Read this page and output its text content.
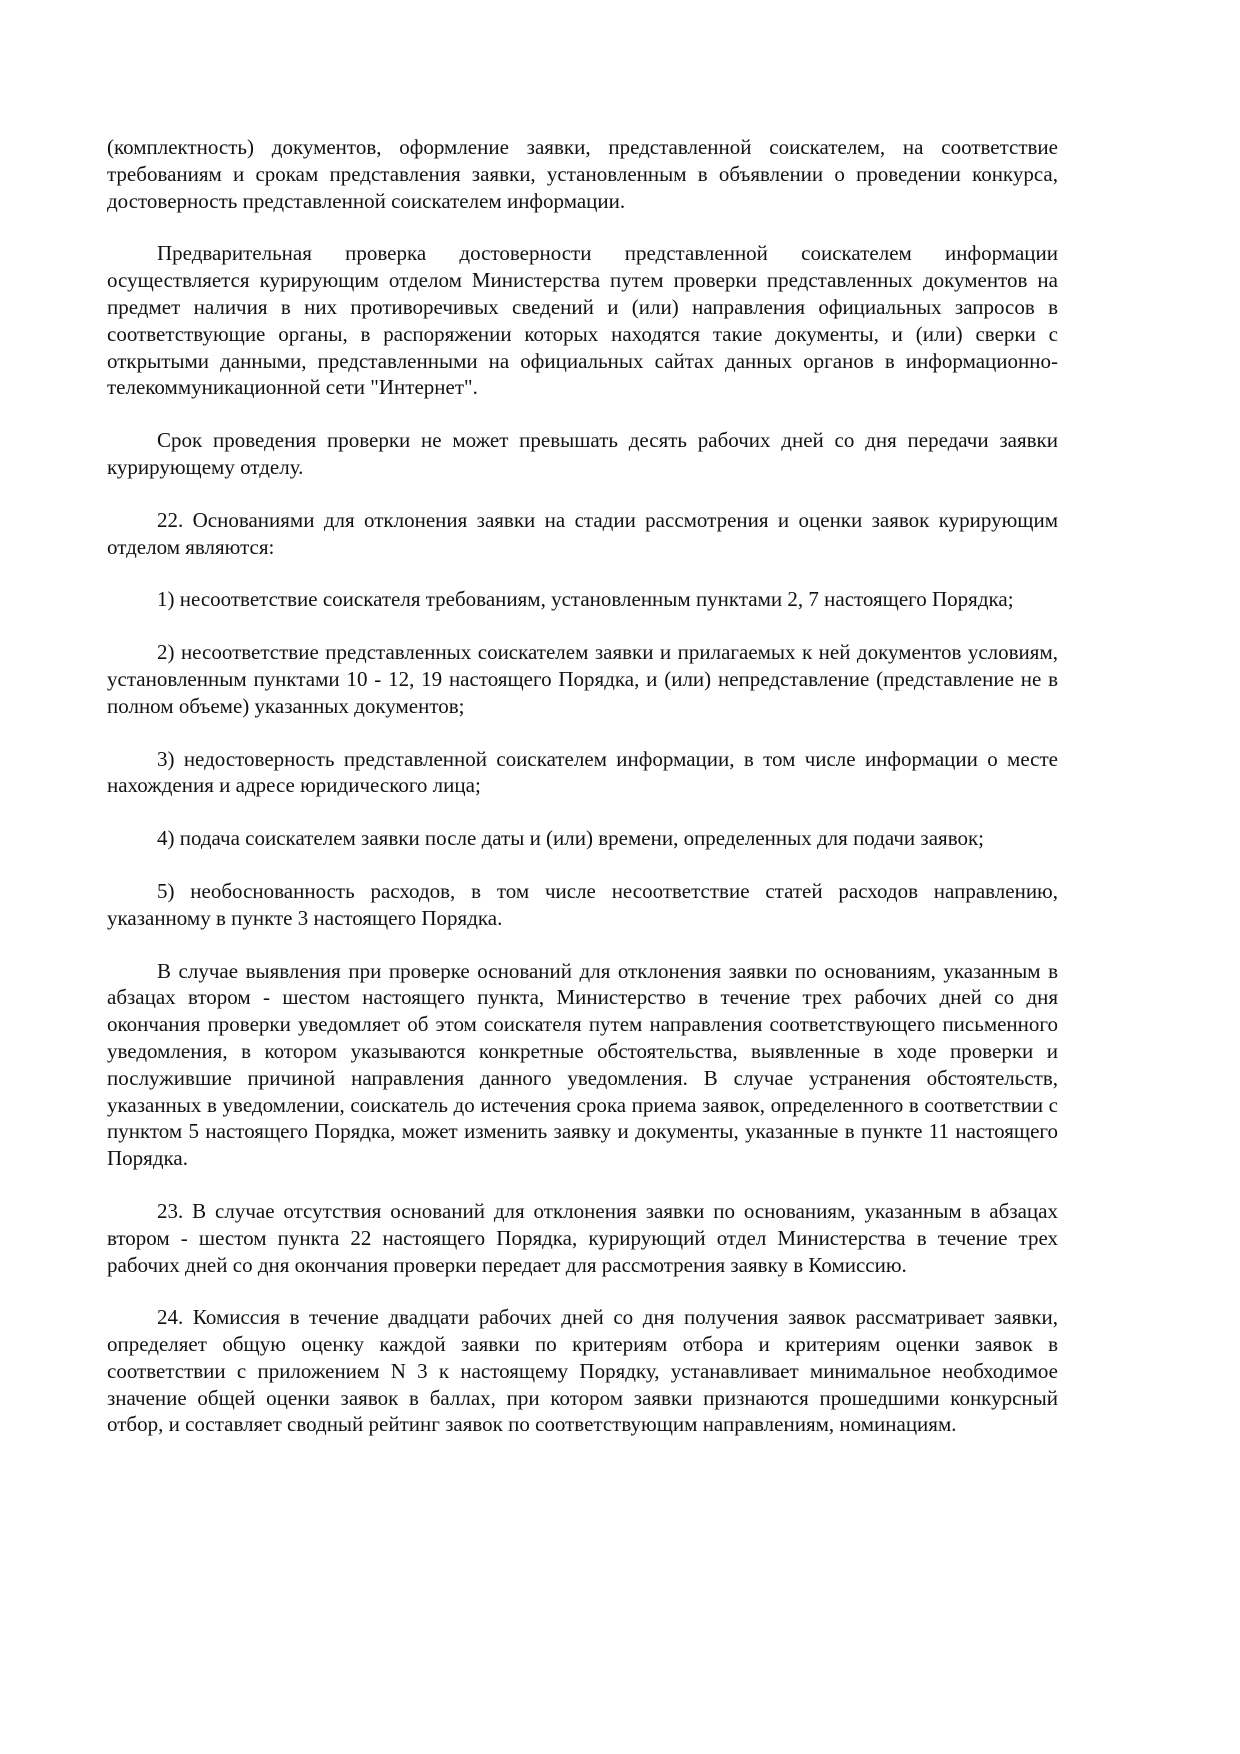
(комплектность) документов, оформление заявки, представленной соискателем, на соответствие требованиям и срокам представления заявки, установленным в объявлении о проведении конкурса, достоверность представленной соискателем информации.

Предварительная проверка достоверности представленной соискателем информации осуществляется курирующим отделом Министерства путем проверки представленных документов на предмет наличия в них противоречивых сведений и (или) направления официальных запросов в соответствующие органы, в распоряжении которых находятся такие документы, и (или) сверки с открытыми данными, представленными на официальных сайтах данных органов в информационно-телекоммуникационной сети "Интернет".

Срок проведения проверки не может превышать десять рабочих дней со дня передачи заявки курирующему отделу.

22. Основаниями для отклонения заявки на стадии рассмотрения и оценки заявок курирующим отделом являются:

1) несоответствие соискателя требованиям, установленным пунктами 2, 7 настоящего Порядка;

2) несоответствие представленных соискателем заявки и прилагаемых к ней документов условиям, установленным пунктами 10 - 12, 19 настоящего Порядка, и (или) непредставление (представление не в полном объеме) указанных документов;

3) недостоверность представленной соискателем информации, в том числе информации о месте нахождения и адресе юридического лица;

4) подача соискателем заявки после даты и (или) времени, определенных для подачи заявок;

5) необоснованность расходов, в том числе несоответствие статей расходов направлению, указанному в пункте 3 настоящего Порядка.

В случае выявления при проверке оснований для отклонения заявки по основаниям, указанным в абзацах втором - шестом настоящего пункта, Министерство в течение трех рабочих дней со дня окончания проверки уведомляет об этом соискателя путем направления соответствующего письменного уведомления, в котором указываются конкретные обстоятельства, выявленные в ходе проверки и послужившие причиной направления данного уведомления. В случае устранения обстоятельств, указанных в уведомлении, соискатель до истечения срока приема заявок, определенного в соответствии с пунктом 5 настоящего Порядка, может изменить заявку и документы, указанные в пункте 11 настоящего Порядка.

23. В случае отсутствия оснований для отклонения заявки по основаниям, указанным в абзацах втором - шестом пункта 22 настоящего Порядка, курирующий отдел Министерства в течение трех рабочих дней со дня окончания проверки передает для рассмотрения заявку в Комиссию.

24. Комиссия в течение двадцати рабочих дней со дня получения заявок рассматривает заявки, определяет общую оценку каждой заявки по критериям отбора и критериям оценки заявок в соответствии с приложением N 3 к настоящему Порядку, устанавливает минимальное необходимое значение общей оценки заявок в баллах, при котором заявки признаются прошедшими конкурсный отбор, и составляет сводный рейтинг заявок по соответствующим направлениям, номинациям.
